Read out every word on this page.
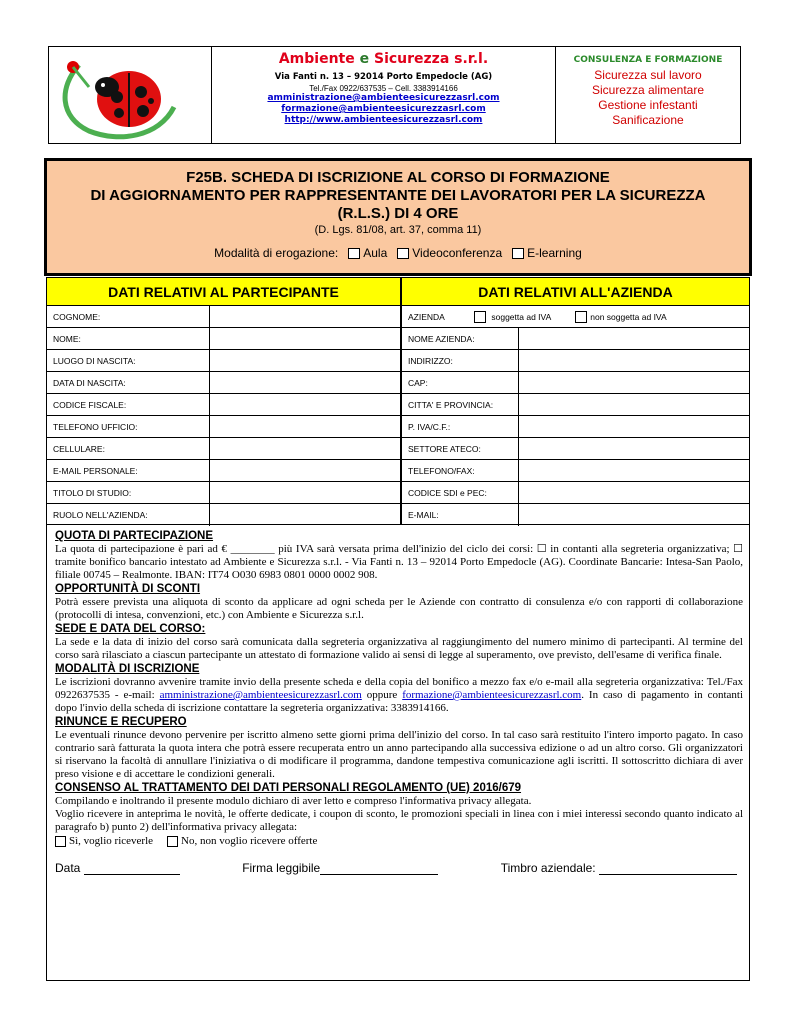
Ambiente e Sicurezza s.r.l.
Via Fanti n. 13 – 92014 Porto Empedocle (AG)
Tel./Fax 0922/637535 – Cell. 3383914166
amministrazione@ambienteesicurezzasrl.com
formazione@ambienteesicurezzasrl.com
http://www.ambienteesicurezzasrl.com
CONSULENZA E FORMAZIONE
Sicurezza sul lavoro
Sicurezza alimentare
Gestione infestanti
Sanificazione
F25B. SCHEDA DI ISCRIZIONE AL CORSO DI FORMAZIONE
DI AGGIORNAMENTO PER RAPPRESENTANTE DEI LAVORATORI PER LA SICUREZZA
(R.L.S.) DI 4 ORE
(D. Lgs. 81/08, art. 37, comma 11)
Modalità di erogazione: Aula Videoconferenza E-learning
DATI RELATIVI AL PARTECIPANTE
COGNOME:
NOME:
LUOGO DI NASCITA:
DATA DI NASCITA:
CODICE FISCALE:
TELEFONO UFFICIO:
CELLULARE:
E-MAIL PERSONALE:
TITOLO DI STUDIO:
RUOLO NELL'AZIENDA:
DATI RELATIVI ALL'AZIENDA
AZIENDA
	soggetta ad IVA	non soggetta ad IVA
NOME AZIENDA:
INDIRIZZO:
CAP:
CITTA' E PROVINCIA:
P. IVA/C.F.:
SETTORE ATECO:
TELEFONO/FAX:
CODICE SDI e PEC:
E-MAIL:
QUOTA DI PARTECIPAZIONE
La quota di partecipazione è pari ad € ________ più IVA sarà versata prima dell'inizio del ciclo dei corsi: ☐ in contanti alla segreteria organizzativa; ☐ tramite bonifico bancario intestato ad Ambiente e Sicurezza s.r.l. - Via Fanti n. 13 – 92014 Porto Empedocle (AG). Coordinate Bancarie: Intesa-San Paolo, filiale 00745 – Realmonte. IBAN: IT74 O030 6983 0801 0000 0002 908.
OPPORTUNITÀ DI SCONTI
Potrà essere prevista una aliquota di sconto da applicare ad ogni scheda per le Aziende con contratto di consulenza e/o con rapporti di collaborazione (protocolli di intesa, convenzioni, etc.) con Ambiente e Sicurezza s.r.l.
SEDE E DATA DEL CORSO:
La sede e la data di inizio del corso sarà comunicata dalla segreteria organizzativa al raggiungimento del numero minimo di partecipanti. Al termine del corso sarà rilasciato a ciascun partecipante un attestato di formazione valido ai sensi di legge al superamento, ove previsto, dell'esame di verifica finale.
MODALITÀ DI ISCRIZIONE
Le iscrizioni dovranno avvenire tramite invio della presente scheda e della copia del bonifico a mezzo fax e/o e-mail alla segreteria organizzativa: Tel./Fax 0922637535 - e-mail: amministrazione@ambienteesicurezzasrl.com oppure formazione@ambienteesicurezzasrl.com. In caso di pagamento in contanti dopo l'invio della scheda di iscrizione contattare la segreteria organizzativa: 3383914166.
RINUNCE E RECUPERO
Le eventuali rinunce devono pervenire per iscritto almeno sette giorni prima dell'inizio del corso. In tal caso sarà restituito l'intero importo pagato. In caso contrario sarà fatturata la quota intera che potrà essere recuperata entro un anno partecipando alla successiva edizione o ad un altro corso. Gli organizzatori si riservano la facoltà di annullare l'iniziativa o di modificare il programma, dandone tempestiva comunicazione agli iscritti. Il sottoscritto dichiara di aver preso visione e di accettare le condizioni generali.
CONSENSO AL TRATTAMENTO DEI DATI PERSONALI REGOLAMENTO (UE) 2016/679
Compilando e inoltrando il presente modulo dichiaro di aver letto e compreso l'informativa privacy allegata.
Voglio ricevere in anteprima le novità, le offerte dedicate, i coupon di sconto, le promozioni speciali in linea con i miei interessi secondo quanto indicato al paragrafo b) punto 2) dell'informativa privacy allegata:
Sì, voglio riceverle	No, non voglio ricevere offerte
Data	Firma leggibile	Timbro aziendale:
